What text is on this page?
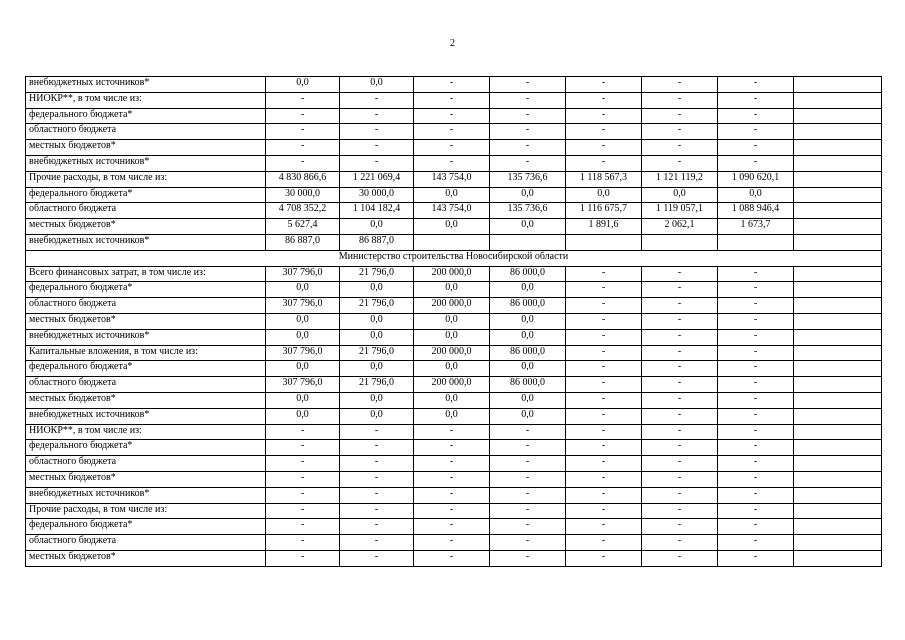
2
внебюджетных источников*	0,0	0,0	-	-	-	-	-	
НИОКР**, в том числе из:	-	-	-	-	-	-	-	
федерального бюджета*	-	-	-	-	-	-	-	
областного бюджета	-	-	-	-	-	-	-	
местных бюджетов*	-	-	-	-	-	-	-	
внебюджетных источников*	-	-	-	-	-	-	-	
Прочие расходы, в том числе из:	4 830 866,6	1 221 069,4	143 754,0	135 736,6	1 118 567,3	1 121 119,2	1 090 620,1	
федерального бюджета*	30 000,0	30 000,0	0,0	0,0	0,0	0,0	0,0	
областного бюджета	4 708 352,2	1 104 182,4	143 754,0	135 736,6	1 116 675,7	1 119 057,1	1 088 946,4	
местных бюджетов*	5 627,4	0,0	0,0	0,0	1 891,6	2 062,1	1 673,7	
внебюджетных источников*	86 887,0	86 887,0						
Министерство строительства Новосибирской области								
Всего финансовых затрат, в том числе из:	307 796,0	21 796,0	200 000,0	86 000,0	-	-	-	
федерального бюджета*	0,0	0,0	0,0	0,0	-	-	-	
областного бюджета	307 796,0	21 796,0	200 000,0	86 000,0	-	-	-	
местных бюджетов*	0,0	0,0	0,0	0,0	-	-	-	
внебюджетных источников*	0,0	0,0	0,0	0,0	-	-	-	
Капитальные вложения, в том числе из:	307 796,0	21 796,0	200 000,0	86 000,0	-	-	-	
федерального бюджета*	0,0	0,0	0,0	0,0	-	-	-	
областного бюджета	307 796,0	21 796,0	200 000,0	86 000,0	-	-	-	
местных бюджетов*	0,0	0,0	0,0	0,0	-	-	-	
внебюджетных источников*	0,0	0,0	0,0	0,0	-	-	-	
НИОКР**, в том числе из:	-	-	-	-	-	-	-	
федерального бюджета*	-	-	-	-	-	-	-	
областного бюджета	-	-	-	-	-	-	-	
местных бюджетов*	-	-	-	-	-	-	-	
внебюджетных источников*	-	-	-	-	-	-	-	
Прочие расходы, в том числе из:	-	-	-	-	-	-	-	
федерального бюджета*	-	-	-	-	-	-	-	
областного бюджета	-	-	-	-	-	-	-	
местных бюджетов*	-	-	-	-	-	-	-	
